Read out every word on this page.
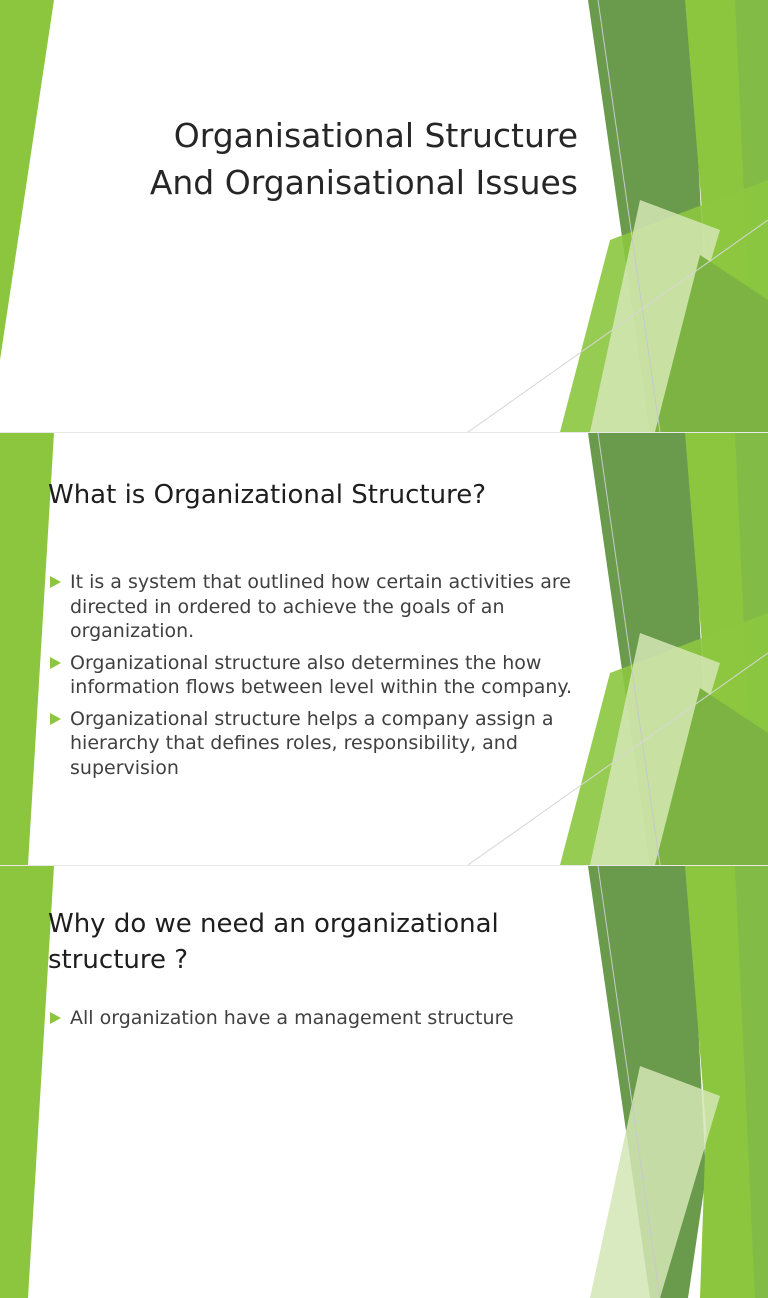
Organisational Structure
And Organisational Issues
What is Organizational Structure?
It is a system that outlined how certain activities are directed in ordered to achieve the goals of an organization.
Organizational structure also determines the how information flows between level within the company.
Organizational structure helps a company assign a hierarchy that defines roles, responsibility, and supervision
Why do we need an organizational structure ?
All organization have a management structure
